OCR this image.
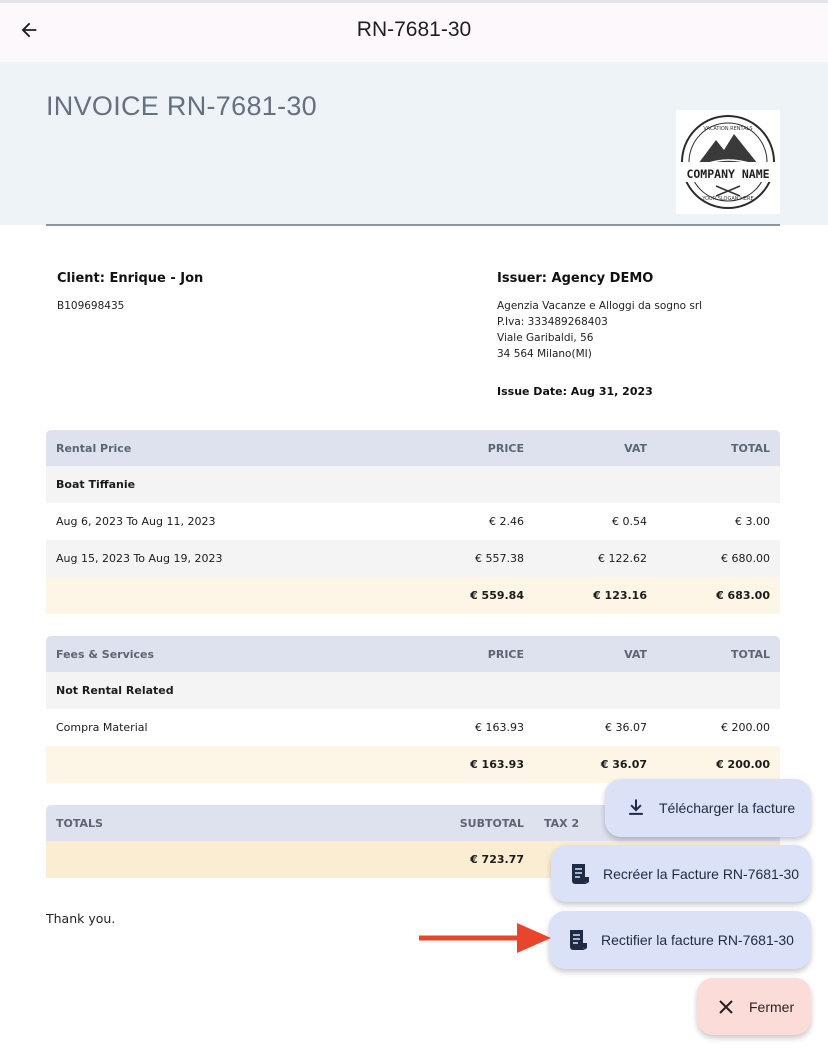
RN-7681-30
INVOICE RN-7681-30
COMPANY NAME
VACATION RENTALS
YOUR SLOGAN HERE
Client: Enrique - Jon
B109698435
Issuer: Agency DEMO
Agenzia Vacanze e Alloggi da sogno srl
P.Iva: 333489268403
Viale Garibaldi, 56
34 564 Milano(MI)
Issue Date: Aug 31, 2023
Rental Price	PRICE	VAT	TOTAL
Boat Tiffanie			
Aug 6, 2023 To Aug 11, 2023	€ 2.46	€ 0.54	€ 3.00
Aug 15, 2023 To Aug 19, 2023	€ 557.38	€ 122.62	€ 680.00
	€ 559.84	€ 123.16	€ 683.00
Fees & Services	PRICE	VAT	TOTAL
Not Rental Related			
Compra Material	€ 163.93	€ 36.07	€ 200.00
	€ 163.93	€ 36.07	€ 200.00
TOTALS	SUBTOTAL	TAX 2	
	€ 723.77		
Thank you.
Télécharger la facture
Recréer la Facture RN-7681-30
Rectifier la facture RN-7681-30
Fermer
